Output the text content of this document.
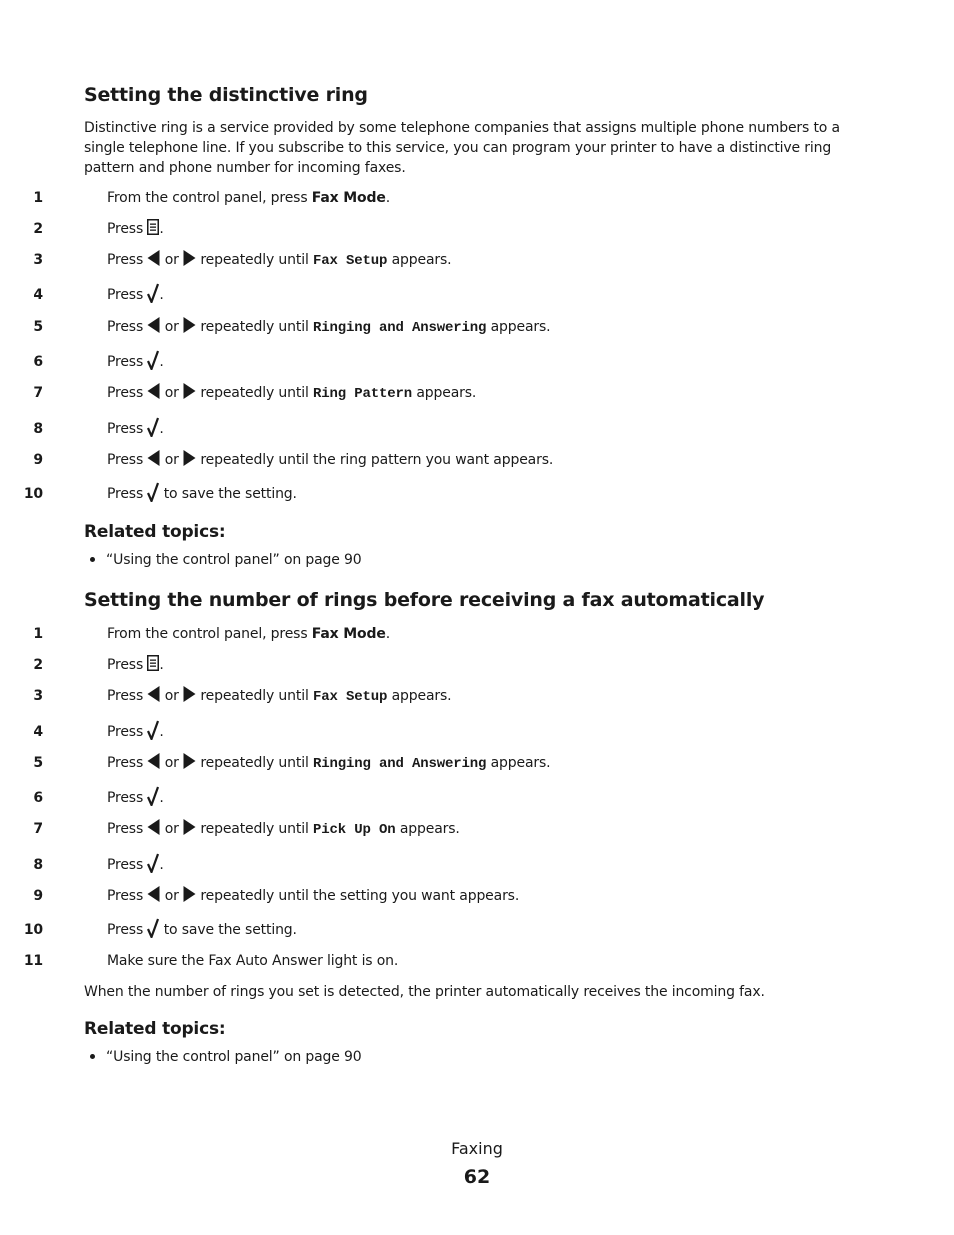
Setting the distinctive ring

Distinctive ring is a service provided by some telephone companies that assigns multiple phone numbers to a single telephone line. If you subscribe to this service, you can program your printer to have a distinctive ring pattern and phone number for incoming faxes.

1	From the control panel, press Fax Mode.
2	Press .
3	Press  or  repeatedly until Fax Setup appears.
4	Press .
5	Press  or  repeatedly until Ringing and Answering appears.
6	Press .
7	Press  or  repeatedly until Ring Pattern appears.
8	Press .
9	Press  or  repeatedly until the ring pattern you want appears.
10	Press  to save the setting.
Related topics:
“Using the control panel” on page 90
Setting the number of rings before receiving a fax automatically
1	From the control panel, press Fax Mode.
2	Press .
3	Press  or  repeatedly until Fax Setup appears.
4	Press .
5	Press  or  repeatedly until Ringing and Answering appears.
6	Press .
7	Press  or  repeatedly until Pick Up On appears.
8	Press .
9	Press  or  repeatedly until the setting you want appears.
10	Press  to save the setting.
11	Make sure the Fax Auto Answer light is on.

When the number of rings you set is detected, the printer automatically receives the incoming fax.

Related topics:
“Using the control panel” on page 90
Faxing
62
